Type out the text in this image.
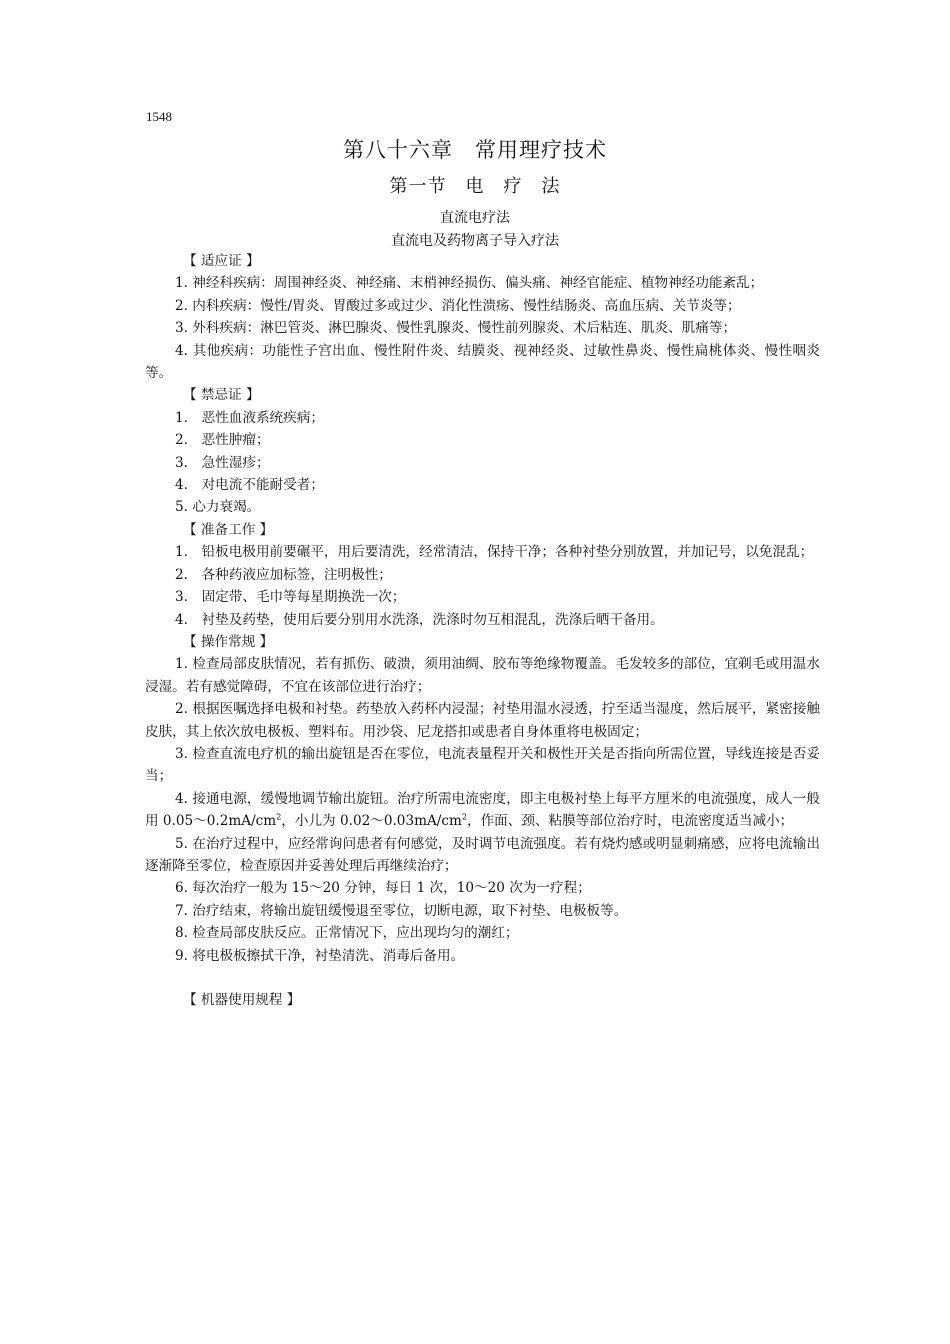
1548
第八十六章　常用理疗技术
第一节　电　疗　法
直流电疗法
直流电及药物离子导入疗法
【 适应证 】
1. 神经科疾病：周围神经炎、神经痛、末梢神经损伤、偏头痛、神经官能症、植物神经功能紊乱；
2. 内科疾病：慢性/胃炎、胃酸过多或过少、消化性溃疡、慢性结肠炎、高血压病、关节炎等；
3. 外科疾病：淋巴管炎、淋巴腺炎、慢性乳腺炎、慢性前列腺炎、术后粘连、肌炎、肌痛等；
4. 其他疾病：功能性子宫出血、慢性附件炎、结膜炎、视神经炎、过敏性鼻炎、慢性扁桃体炎、慢性咽炎等。
【 禁忌证 】
1.　恶性血液系统疾病；
2.　恶性肿瘤；
3.　急性湿疹；
4.　对电流不能耐受者；
5. 心力衰竭。
【 准备工作 】
1.　铅板电极用前要碾平，用后要清洗，经常清洁，保持干净；各种衬垫分别放置，并加记号，以免混乱；
2.　各种药液应加标签，注明极性；
3.　固定带、毛巾等每星期换洗一次；
4.　衬垫及药垫，使用后要分别用水洗涤，洗涤时勿互相混乱，洗涤后晒干备用。
【 操作常规 】
1. 检查局部皮肤情况，若有抓伤、破溃，须用油绸、胶布等绝缘物覆盖。毛发较多的部位，宜剃毛或用温水浸湿。若有感觉障碍，不宜在该部位进行治疗；
2. 根据医嘱选择电极和衬垫。药垫放入药杯内浸湿；衬垫用温水浸透，拧至适当湿度，然后展平，紧密接触皮肤，其上依次放电极板、塑料布。用沙袋、尼龙搭扣或患者自身体重将电极固定；
3. 检查直流电疗机的输出旋钮是否在零位，电流表量程开关和极性开关是否指向所需位置，导线连接是否妥当；
4. 接通电源，缓慢地调节输出旋钮。治疗所需电流密度，即主电极衬垫上每平方厘米的电流强度，成人一般用 $0.05\sim 0.2mA/cm^2$，小儿为 $0.02\sim 0.03mA/cm^2$，作面、颈、粘膜等部位治疗时，电流密度适当减小；
5. 在治疗过程中，应经常询问患者有何感觉，及时调节电流强度。若有烧灼感或明显刺痛感，应将电流输出逐渐降至零位，检查原因并妥善处理后再继续治疗；
6. 每次治疗一般为 15～20 分钟，每日 1 次，10～20 次为一疗程；
7. 治疗结束，将输出旋钮缓慢退至零位，切断电源，取下衬垫、电极板等。
8. 检查局部皮肤反应。正常情况下，应出现均匀的潮红；
9. 将电极板擦拭干净，衬垫清洗、消毒后备用。
【 机器使用规程 】
